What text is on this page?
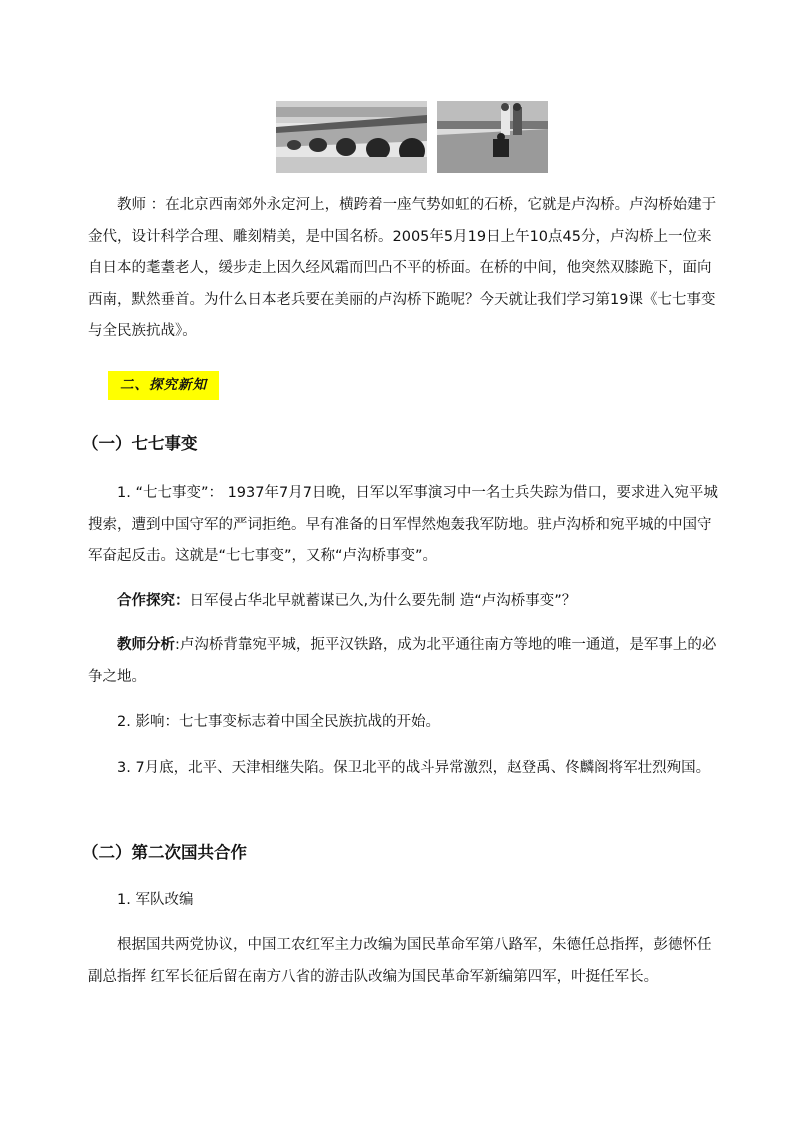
教师 ：在北京西南郊外永定河上，横跨着一座气势如虹的石桥，它就是卢沟桥。卢沟桥始建于金代，设计科学合理、雕刻精美，是中国名桥。2005年5月19日上午10点45分，卢沟桥上一位来自日本的耄耋老人，缓步走上因久经风霜而凹凸不平的桥面。在桥的中间，他突然双膝跪下，面向西南，默然垂首。为什么日本老兵要在美丽的卢沟桥下跪呢？今天就让我们学习第19课《七七事变与全民族抗战》。

二、探究新知

（一）七七事变

1. “七七事变”： 1937年7月7日晚，日军以军事演习中一名士兵失踪为借口，要求进入宛平城搜索，遭到中国守军的严词拒绝。早有准备的日军悍然炮轰我军防地。驻卢沟桥和宛平城的中国守军奋起反击。这就是“七七事变”，又称“卢沟桥事变”。

合作探究：日军侵占华北早就蓄谋已久,为什么要先制 造“卢沟桥事变”？

教师分析:卢沟桥背靠宛平城，扼平汉铁路，成为北平通往南方等地的唯一通道，是军事上的必争之地。

2. 影响：七七事变标志着中国全民族抗战的开始。

3. 7月底，北平、天津相继失陷。保卫北平的战斗异常激烈，赵登禹、佟麟阁将军壮烈殉国。

（二）第二次国共合作

1. 军队改编

根据国共两党协议，中国工农红军主力改编为国民革命军第八路军，朱德任总指挥，彭德怀任副总指挥 红军长征后留在南方八省的游击队改编为国民革命军新编第四军，叶挺任军长。
